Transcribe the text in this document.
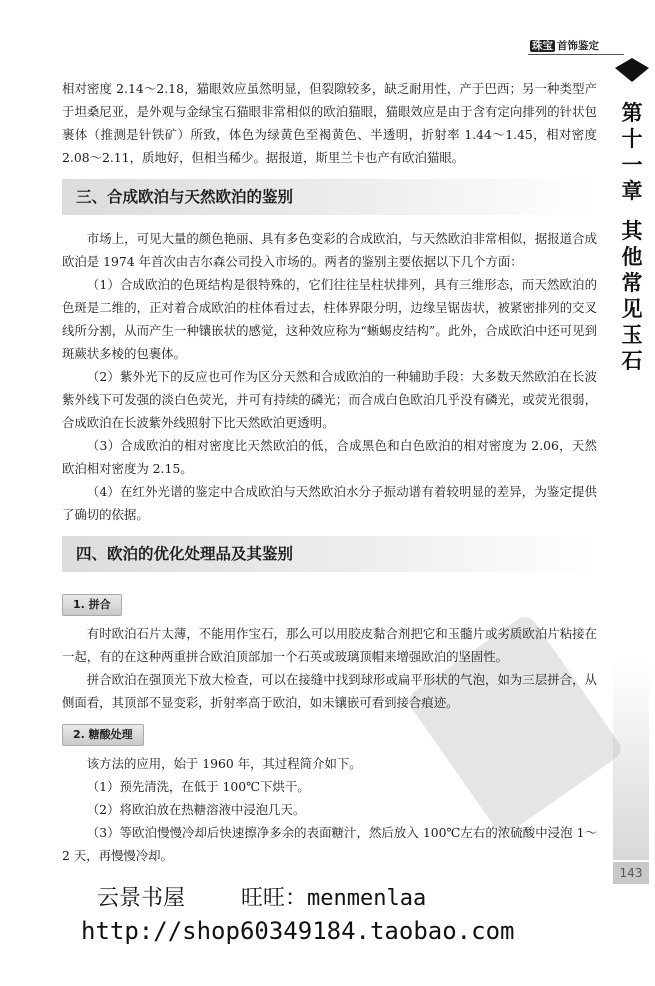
珠宝 首饰鉴定
第
十
一
章
其
他
常
见
玉
石
143

相对密度 2.14～2.18，猫眼效应虽然明显，但裂隙较多，缺乏耐用性，产于巴西；另一种类型产于坦桑尼亚，是外观与金绿宝石猫眼非常相似的欧泊猫眼，猫眼效应是由于含有定向排列的针状包裹体（推测是针铁矿）所致，体色为绿黄色至褐黄色、半透明，折射率 1.44～1.45，相对密度 2.08～2.11，质地好，但相当稀少。据报道，斯里兰卡也产有欧泊猫眼。

三、合成欧泊与天然欧泊的鉴别

市场上，可见大量的颜色艳丽、具有多色变彩的合成欧泊，与天然欧泊非常相似，据报道合成欧泊是 1974 年首次由吉尔森公司投入市场的。两者的鉴别主要依据以下几个方面：

（1）合成欧泊的色斑结构是很特殊的，它们往往呈柱状排列，具有三维形态，而天然欧泊的色斑是二维的，正对着合成欧泊的柱体看过去，柱体界限分明，边缘呈锯齿状，被紧密排列的交叉线所分割，从而产生一种镶嵌状的感觉，这种效应称为“蜥蜴皮结构”。此外，合成欧泊中还可见到斑蕨状多棱的包裹体。

（2）紫外光下的反应也可作为区分天然和合成欧泊的一种辅助手段：大多数天然欧泊在长波紫外线下可发强的淡白色荧光，并可有持续的磷光；而合成白色欧泊几乎没有磷光，或荧光很弱，合成欧泊在长波紫外线照射下比天然欧泊更透明。

（3）合成欧泊的相对密度比天然欧泊的低，合成黑色和白色欧泊的相对密度为 2.06，天然欧泊相对密度为 2.15。

（4）在红外光谱的鉴定中合成欧泊与天然欧泊水分子振动谱有着较明显的差异，为鉴定提供了确切的依据。

四、欧泊的优化处理品及其鉴别
1. 拼合

有时欧泊石片太薄，不能用作宝石，那么可以用胶皮黏合剂把它和玉髓片或劣质欧泊片粘接在一起，有的在这种两重拼合欧泊顶部加一个石英或玻璃顶帽来增强欧泊的坚固性。

拼合欧泊在强顶光下放大检查，可以在接缝中找到球形或扁平形状的气泡，如为三层拼合，从侧面看，其顶部不显变彩，折射率高于欧泊，如未镶嵌可看到接合痕迹。

2. 糖酸处理

该方法的应用，始于 1960 年，其过程简介如下。

（1）预先清洗，在低于 100℃下烘干。

（2）将欧泊放在热糖溶液中浸泡几天。

（3）等欧泊慢慢冷却后快速擦净多余的表面糖汁，然后放入 100℃左右的浓硫酸中浸泡 1～2 天，再慢慢冷却。

云景书屋	旺旺：menmenlaa
http://shop60349184.taobao.com
